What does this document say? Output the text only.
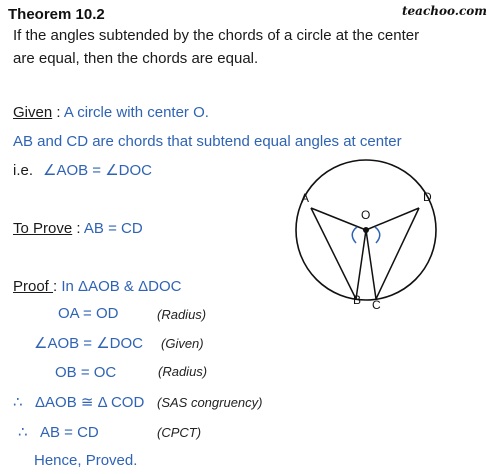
Theorem 10.2	teachoo.com
If the angles subtended by the chords of a circle at the center
are equal, then the chords are equal.
Given : A circle with center O.
AB and CD are chords that subtend equal angles at center
i.e. ∠AOB = ∠DOC
To Prove : AB = CD
Proof : In ΔAOB & ΔDOC
OA = OD	(Radius)
∠AOB = ∠DOC (Given)
OB = OC	(Radius)
∴ ΔAOB ≅ Δ COD (SAS congruency)
∴ AB = CD	(CPCT)
Hence, Proved.
A	D
O
B C
